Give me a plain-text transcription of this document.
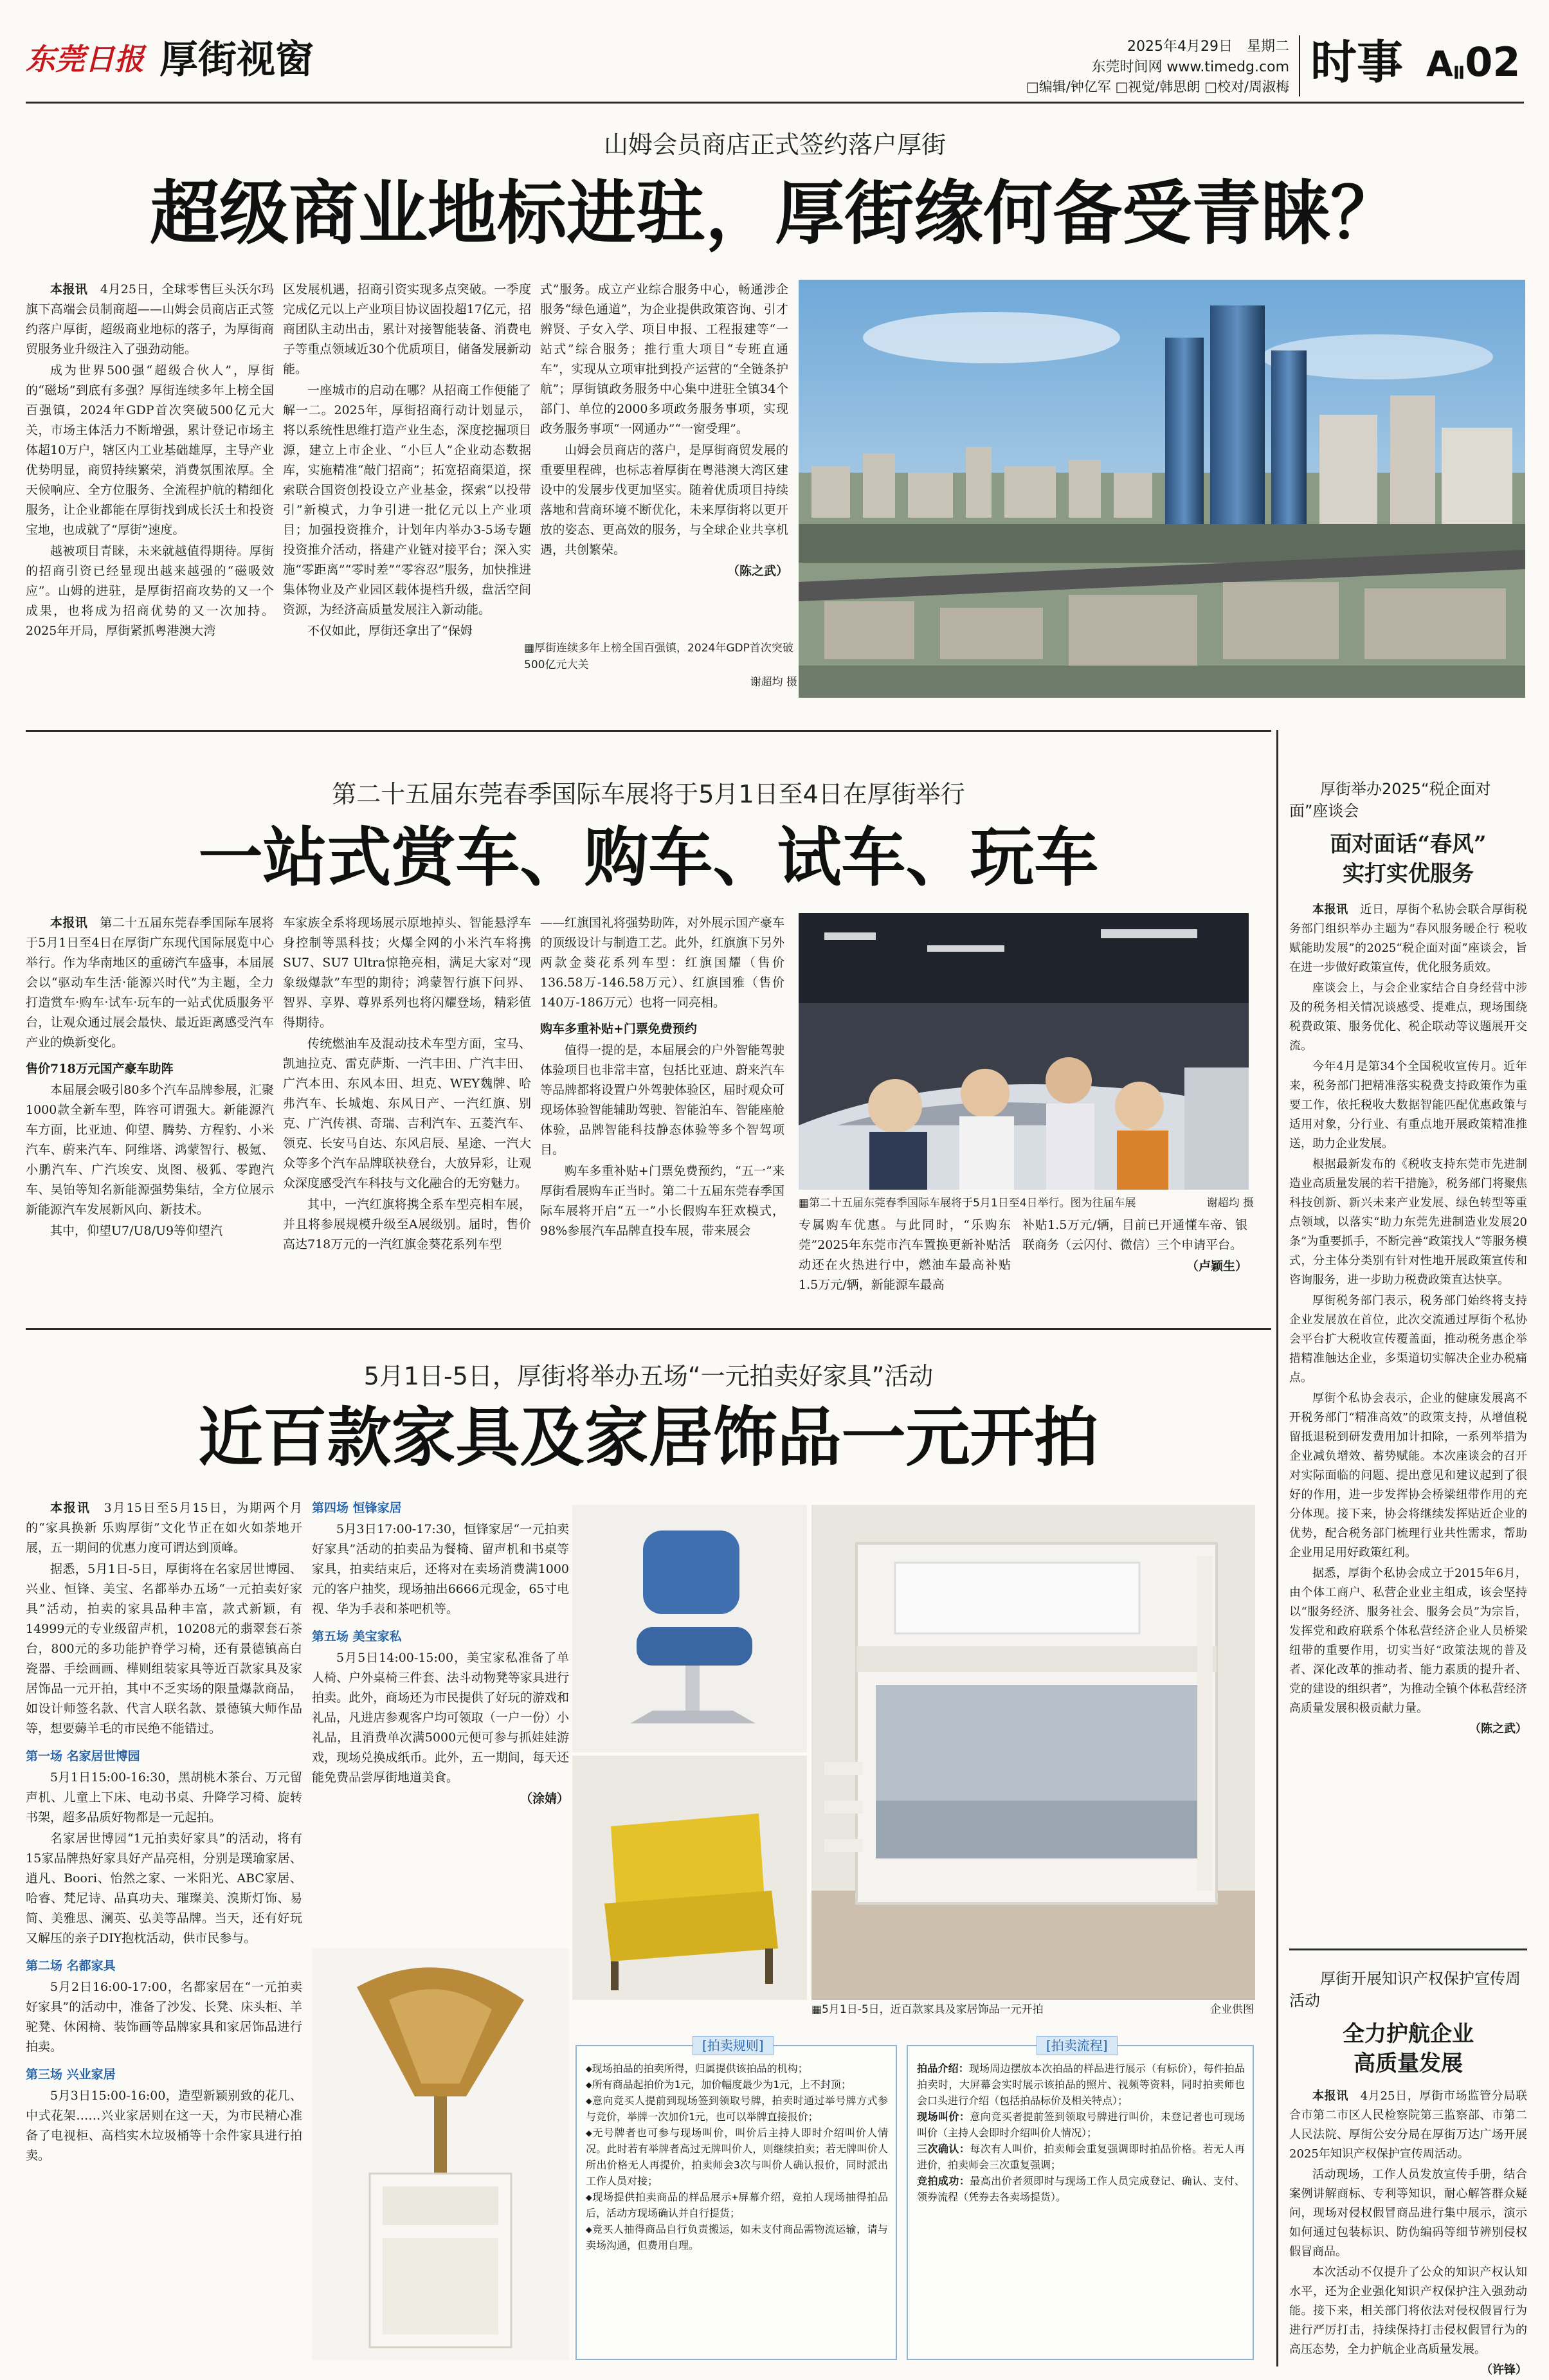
东莞日报 厚街视窗	2025年4月29日　星期二
东莞时间网 www.timedg.com
□编辑/钟亿军 □视觉/韩思朗 □校对/周淑梅 时事 AⅡ02
山姆会员商店正式签约落户厚街
超级商业地标进驻，厚街缘何备受青睐？

本报讯　 4月25日，全球零售巨头沃尔玛旗下高端会员制商超——山姆会员商店正式签约落户厚街，超级商业地标的落子，为厚街商贸服务业升级注入了强劲动能。

成为世界500强“超级合伙人”，厚街的“磁场”到底有多强？厚街连续多年上榜全国百强镇，2024年GDP首次突破500亿元大关，市场主体活力不断增强，累计登记市场主体超10万户，辖区内工业基础雄厚，主导产业优势明显，商贸持续繁荣，消费氛围浓厚。全天候响应、全方位服务、全流程护航的精细化服务，让企业都能在厚街找到成长沃土和投资宝地，也成就了“厚街”速度。

越被项目青睐，未来就越值得期待。厚街的招商引资已经显现出越来越强的“磁吸效应”。山姆的进驻，是厚街招商攻势的又一个成果，也将成为招商优势的又一次加持。2025年开局，厚街紧抓粤港澳大湾

区发展机遇，招商引资实现多点突破。一季度完成亿元以上产业项目协议固投超17亿元，招商团队主动出击，累计对接智能装备、消费电子等重点领域近30个优质项目，储备发展新动能。

一座城市的启动在哪？从招商工作便能了解一二。2025年，厚街招商行动计划显示，将以系统性思维打造产业生态，深度挖掘项目源，建立上市企业、“小巨人”企业动态数据库，实施精准“敲门招商”；拓宽招商渠道，探索联合国资创投设立产业基金，探索“以投带引”新模式，力争引进一批亿元以上产业项目；加强投资推介，计划年内举办3-5场专题投资推介活动，搭建产业链对接平台；深入实施“零距离”“零时差”“零容忍”服务，加快推进集体物业及产业园区载体提档升级，盘活空间资源，为经济高质量发展注入新动能。

不仅如此，厚街还拿出了“保姆

式”服务。成立产业综合服务中心，畅通涉企服务“绿色通道”，为企业提供政策咨询、引才辨贤、子女入学、项目申报、工程报建等“一站式”综合服务；推行重大项目“专班直通车”，实现从立项审批到投产运营的“全链条护航”；厚街镇政务服务中心集中进驻全镇34个部门、单位的2000多项政务服务事项，实现政务服务事项“一网通办”“一窗受理”。

山姆会员商店的落户，是厚街商贸发展的重要里程碑，也标志着厚街在粤港澳大湾区建设中的发展步伐更加坚实。随着优质项目持续落地和营商环境不断优化，未来厚街将以更开放的姿态、更高效的服务，与全球企业共享机遇，共创繁荣。

（陈之武）

▦厚街连续多年上榜全国百强镇，2024年GDP首次突破500亿元大关
谢超均 摄
第二十五届东莞春季国际车展将于5月1日至4日在厚街举行
一站式赏车、购车、试车、玩车

本报讯　 第二十五届东莞春季国际车展将于5月1日至4日在厚街广东现代国际展览中心举行。作为华南地区的重磅汽车盛事，本届展会以“驱动车生活·能源兴时代”为主题，全力打造赏车·购车·试车·玩车的一站式优质服务平台，让观众通过展会最快、最近距离感受汽车产业的焕新变化。

售价718万元国产豪车助阵

本届展会吸引80多个汽车品牌参展，汇聚1000款全新车型，阵容可谓强大。新能源汽车方面，比亚迪、仰望、腾势、方程豹、小米汽车、蔚来汽车、阿维塔、鸿蒙智行、极氪、小鹏汽车、广汽埃安、岚图、极狐、零跑汽车、昊铂等知名新能源强势集结，全方位展示新能源汽车发展新风向、新技术。

其中，仰望U7/U8/U9等仰望汽

车家族全系将现场展示原地掉头、智能悬浮车身控制等黑科技；火爆全网的小米汽车将携SU7、SU7 Ultra惊艳亮相，满足大家对“现象级爆款”车型的期待；鸿蒙智行旗下问界、智界、享界、尊界系列也将闪耀登场，精彩值得期待。

传统燃油车及混动技术车型方面，宝马、凯迪拉克、雷克萨斯、一汽丰田、广汽丰田、广汽本田、东风本田、坦克、WEY魏牌、哈弗汽车、长城炮、东风日产、一汽红旗、别克、广汽传祺、奇瑞、吉利汽车、五菱汽车、领克、长安马自达、东风启辰、星途、一汽大众等多个汽车品牌联袂登台，大放异彩，让观众深度感受汽车科技与文化融合的无穷魅力。

其中，一汽红旗将携全系车型亮相车展，并且将参展规模升级至A展级别。届时，售价高达718万元的一汽红旗金葵花系列车型

——红旗国礼将强势助阵，对外展示国产豪车的顶级设计与制造工艺。此外，红旗旗下另外两款金葵花系列车型：红旗国耀（售价136.58万-146.58万元）、红旗国雅（售价140万-186万元）也将一同亮相。

购车多重补贴+门票免费预约

值得一提的是，本届展会的户外智能驾驶体验项目也非常丰富，包括比亚迪、蔚来汽车等品牌都将设置户外驾驶体验区，届时观众可现场体验智能辅助驾驶、智能泊车、智能座舱体验，品牌智能科技静态体验等多个智驾项目。

购车多重补贴+门票免费预约，“五一”来厚街看展购车正当时。第二十五届东莞春季国际车展将开启“五一”小长假购车狂欢模式，98%参展汽车品牌直投车展，带来展会

▦第二十五届东莞春季国际车展将于5月1日至4日举行。图为往届车展	谢超均 摄

专属购车优惠。与此同时，“乐购东莞”2025年东莞市汽车置换更新补贴活动还在火热进行中，燃油车最高补贴1.5万元/辆，新能源车最高

补贴1.5万元/辆，目前已开通懂车帝、银联商务（云闪付、微信）三个申请平台。

（卢颖生）

5月1日-5日，厚街将举办五场“一元拍卖好家具”活动
近百款家具及家居饰品一元开拍

本报讯　 3月15日至5月15日，为期两个月的“家具换新 乐购厚街”文化节正在如火如荼地开展，五一期间的优惠力度可谓达到顶峰。

据悉，5月1日-5日，厚街将在名家居世博园、兴业、恒锋、美宝、名都举办五场“一元拍卖好家具”活动，拍卖的家具品种丰富，款式新颖，有14999元的专业级留声机，10208元的翡翠套石茶台，800元的多功能护脊学习椅，还有景德镇高白瓷器、手绘画画、樺则组装家具等近百款家具及家居饰品一元开拍，其中不乏实场的限量爆款商品，如设计师签名款、代言人联名款、景德镇大师作品等，想要薅羊毛的市民绝不能错过。

第一场 名家居世博园

5月1日15:00-16:30，黑胡桃木茶台、万元留声机、儿童上下床、电动书桌、升降学习椅、旋转书架，超多品质好物都是一元起拍。

名家居世博园“1元拍卖好家具”的活动，将有15家品牌热好家具好产品亮相，分别是璞瑜家居、逍凡、Boori、怡然之家、一米阳光、ABC家居、哈睿、梵尼诗、品真功夫、璀璨美、溴斯灯饰、易简、美雅思、澜英、弘美等品牌。当天，还有好玩又解压的亲子DIY抱枕活动，供市民参与。

第二场 名都家具

5月2日16:00-17:00，名都家居在“一元拍卖好家具”的活动中，准备了沙发、长凳、床头柜、羊驼凳、休闲椅、装饰画等品牌家具和家居饰品进行拍卖。

第三场 兴业家居

5月3日15:00-16:00，造型新颖别致的花几、中式花架……兴业家居则在这一天，为市民精心准备了电视柜、高档实木垃圾桶等十余件家具进行拍卖。

第四场 恒锋家居

5月3日17:00-17:30，恒锋家居“一元拍卖好家具”活动的拍卖品为餐椅、留声机和书桌等家具，拍卖结束后，还将对在卖场消费满1000元的客户抽奖，现场抽出6666元现金，65寸电视、华为手表和茶吧机等。

第五场 美宝家私

5月5日14:00-15:00，美宝家私准备了单人椅、户外桌椅三件套、法斗动物凳等家具进行拍卖。此外，商场还为市民提供了好玩的游戏和礼品，凡进店参观客户均可领取（一户一份）小礼品，且消费单次满5000元便可参与抓娃娃游戏，现场兑换成纸币。此外，五一期间，每天还能免费品尝厚街地道美食。

（涂婧）

▦5月1日-5日，近百款家具及家居饰品一元开拍	企业供图
[拍卖规则]
◆现场拍品的拍卖所得，归属提供该拍品的机构；
◆所有商品起拍价为1元，加价幅度最少为1元，上不封顶；
◆意向竞买人提前到现场签到领取号牌，拍卖时通过举号牌方式参与竞价，举牌一次加价1元，也可以举牌直接报价；
◆无号牌者也可参与现场叫价，叫价后主持人即时介绍叫价人情况。此时若有举牌者高过无牌叫价人，则继续拍卖；若无牌叫价人所出价格无人再提价，拍卖师会3次与叫价人确认报价，同时派出工作人员对接；
◆现场提供拍卖商品的样品展示+屏幕介绍，竞拍人现场抽得拍品后，活动方现场确认并自行提货；
◆竞买人抽得商品自行负责搬运，如未支付商品需物流运输，请与卖场沟通，但费用自理。
[拍卖流程]
拍品介绍：现场周边摆放本次拍品的样品进行展示（有标价），每件拍品拍卖时，大屏幕会实时展示该拍品的照片、视频等资料，同时拍卖师也会口头进行介绍（包括拍品标价及相关特点）；
现场叫价：意向竞买者提前签到领取号牌进行叫价，未登记者也可现场叫价（主持人会即时介绍叫价人情况）；
三次确认：每次有人叫价，拍卖师会重复强调即时拍品价格。若无人再进价，拍卖师会三次重复强调；
竞拍成功：最高出价者须即时与现场工作人员完成登记、确认、支付、领券流程（凭券去各卖场提货）。
厚街举办2025“税企面对面”座谈会
面对面话“春风”
实打实优服务

本报讯　 近日，厚街个私协会联合厚街税务部门组织举办主题为“春风服务暖企行 税收赋能助发展”的2025“税企面对面”座谈会，旨在进一步做好政策宣传，优化服务质效。

座谈会上，与会企业家结合自身经营中涉及的税务相关情况谈感受、提难点，现场围绕税费政策、服务优化、税企联动等议题展开交流。

今年4月是第34个全国税收宣传月。近年来，税务部门把精准落实税费支持政策作为重要工作，依托税收大数据智能匹配优惠政策与适用对象，分行业、有重点地开展政策精准推送，助力企业发展。

根据最新发布的《税收支持东莞市先进制造业高质量发展的若干措施》，税务部门将聚焦科技创新、新兴未来产业发展、绿色转型等重点领域，以落实“助力东莞先进制造业发展20条”为重要抓手，不断完善“政策找人”等服务模式，分主体分类别有针对性地开展政策宣传和咨询服务，进一步助力税费政策直达快享。

厚街税务部门表示，税务部门始终将支持企业发展放在首位，此次交流通过厚街个私协会平台扩大税收宣传覆盖面，推动税务惠企举措精准触达企业，多渠道切实解决企业办税痛点。

厚街个私协会表示，企业的健康发展离不开税务部门“精准高效”的政策支持，从增值税留抵退税到研发费用加计扣除，一系列举措为企业减负增效、蓄势赋能。本次座谈会的召开对实际面临的问题、提出意见和建议起到了很好的作用，进一步发挥协会桥梁纽带作用的充分体现。接下来，协会将继续发挥贴近企业的优势，配合税务部门梳理行业共性需求，帮助企业用足用好政策红利。

据悉，厚街个私协会成立于2015年6月，由个体工商户、私营企业业主组成，该会坚持以“服务经济、服务社会、服务会员”为宗旨，发挥党和政府联系个体私营经济企业人员桥梁纽带的重要作用，切实当好“政策法规的普及者、深化改革的推动者、能力素质的提升者、党的建设的组织者”，为推动全镇个体私营经济高质量发展积极贡献力量。

（陈之武）

厚街开展知识产权保护宣传周活动
全力护航企业
高质量发展

本报讯　 4月25日，厚街市场监管分局联合市第二市区人民检察院第三监察部、市第二人民法院、厚街公安分局在厚街万达广场开展2025年知识产权保护宣传周活动。

活动现场，工作人员发放宣传手册，结合案例讲解商标、专利等知识，耐心解答群众疑问，现场对侵权假冒商品进行集中展示，演示如何通过包装标识、防伪编码等细节辨别侵权假冒商品。

本次活动不仅提升了公众的知识产权认知水平，还为企业强化知识产权保护注入强劲动能。接下来，相关部门将依法对侵权假冒行为进行严厉打击，持续保持打击侵权假冒行为的高压态势，全力护航企业高质量发展。

（许锋）
